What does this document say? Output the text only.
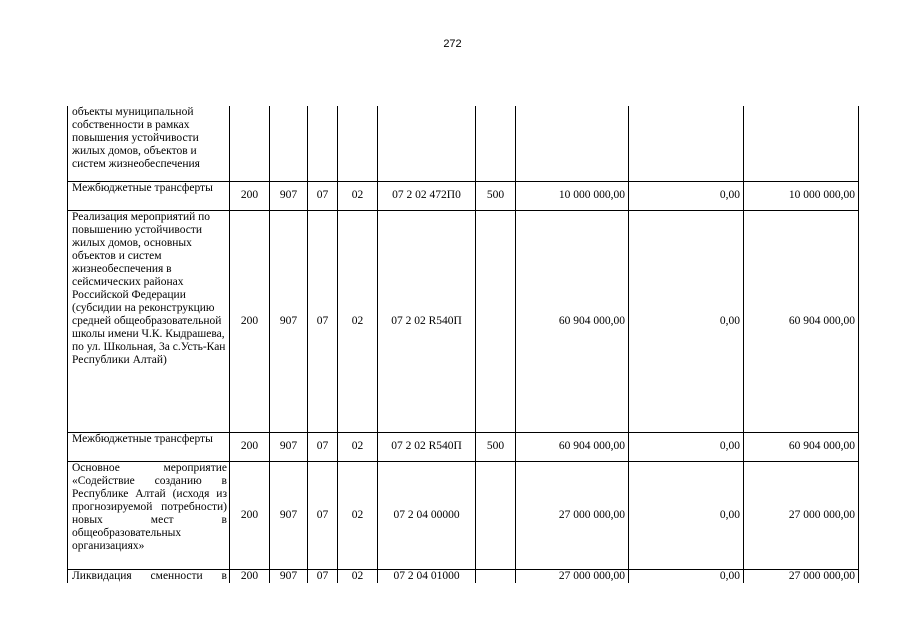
272
объекты муниципальной собственности в рамках повышения устойчивости жилых домов, объектов и систем жизнеобеспечения									
Межбюджетные трансферты	200	907	07	02	07 2 02 472П0	500	10 000 000,00	0,00	10 000 000,00
Реализация мероприятий по повышению устойчивости жилых домов, основных объектов и систем жизнеобеспечения в сейсмических районах Российской Федерации (субсидии на реконструкцию средней общеобразовательной школы имени Ч.К. Кыдрашева, по ул. Школьная, 3а с.Усть-Кан Республики Алтай)	200	907	07	02	07 2 02 R540П		60 904 000,00	0,00	60 904 000,00
Межбюджетные трансферты	200	907	07	02	07 2 02 R540П	500	60 904 000,00	0,00	60 904 000,00
Основное мероприятие «Содействие созданию в Республике Алтай (исходя из прогнозируемой потребности) новых мест в общеобразовательных организациях»	200	907	07	02	07 2 04 00000		27 000 000,00	0,00	27 000 000,00
Ликвидация сменности в	200	907	07	02	07 2 04 01000		27 000 000,00	0,00	27 000 000,00
